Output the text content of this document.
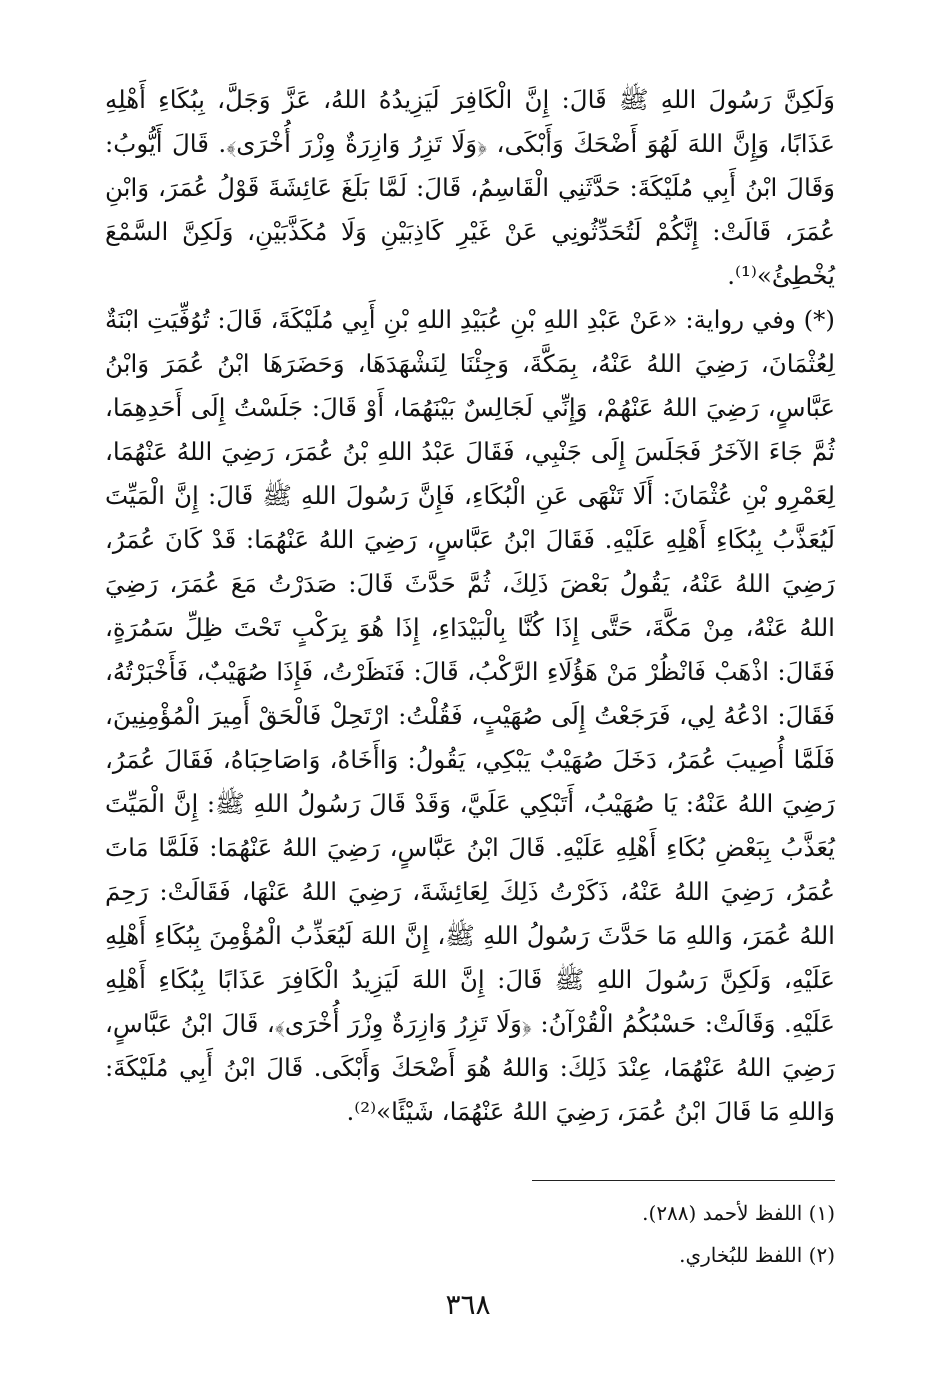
وَلَكِنَّ رَسُولَ اللهِ ﷺ قَالَ: إِنَّ الْكَافِرَ لَيَزِيدُهُ اللهُ، عَزَّ وَجَلَّ، بِبُكَاءِ أَهْلِهِ عَذَابًا، وَإِنَّ اللهَ لَهُوَ أَضْحَكَ وَأَبْكَى، ﴿وَلَا تَزِرُ وَازِرَةٌ وِزْرَ أُخْرَى﴾. قَالَ أَيُّوبُ: وَقَالَ ابْنُ أَبِي مُلَيْكَةَ: حَدَّثَنِي الْقَاسِمُ، قَالَ: لَمَّا بَلَغَ عَائِشَةَ قَوْلُ عُمَرَ، وَابْنِ عُمَرَ، قَالَتْ: إِنَّكُمْ لَتُحَدِّثُونِي عَنْ غَيْرِ كَاذِبَيْنِ وَلَا مُكَذَّبَيْنِ، وَلَكِنَّ السَّمْعَ يُخْطِئُ»⁽¹⁾.

(*) وفي رواية: «عَنْ عَبْدِ اللهِ بْنِ عُبَيْدِ اللهِ بْنِ أَبِي مُلَيْكَةَ، قَالَ: تُوُفِّيَتِ ابْنَةٌ لِعُثْمَانَ، رَضِيَ اللهُ عَنْهُ، بِمَكَّةَ، وَجِئْنَا لِنَشْهَدَهَا، وَحَضَرَهَا ابْنُ عُمَرَ وَابْنُ عَبَّاسٍ، رَضِيَ اللهُ عَنْهُمْ، وَإِنِّي لَجَالِسٌ بَيْنَهُمَا، أَوْ قَالَ: جَلَسْتُ إِلَى أَحَدِهِمَا، ثُمَّ جَاءَ الآخَرُ فَجَلَسَ إِلَى جَنْبِي، فَقَالَ عَبْدُ اللهِ بْنُ عُمَرَ، رَضِيَ اللهُ عَنْهُمَا، لِعَمْرِو بْنِ عُثْمَانَ: أَلَا تَنْهَى عَنِ الْبُكَاءِ، فَإِنَّ رَسُولَ اللهِ ﷺ قَالَ: إِنَّ الْمَيِّتَ لَيُعَذَّبُ بِبُكَاءِ أَهْلِهِ عَلَيْهِ. فَقَالَ ابْنُ عَبَّاسٍ، رَضِيَ اللهُ عَنْهُمَا: قَدْ كَانَ عُمَرُ، رَضِيَ اللهُ عَنْهُ، يَقُولُ بَعْضَ ذَلِكَ، ثُمَّ حَدَّثَ قَالَ: صَدَرْتُ مَعَ عُمَرَ، رَضِيَ اللهُ عَنْهُ، مِنْ مَكَّةَ، حَتَّى إِذَا كُنَّا بِالْبَيْدَاءِ، إِذَا هُوَ بِرَكْبٍ تَحْتَ ظِلِّ سَمُرَةٍ، فَقَالَ: اذْهَبْ فَانْظُرْ مَنْ هَؤُلَاءِ الرَّكْبُ، قَالَ: فَنَظَرْتُ، فَإِذَا صُهَيْبٌ، فَأَخْبَرْتُهُ، فَقَالَ: ادْعُهُ لِي، فَرَجَعْتُ إِلَى صُهَيْبٍ، فَقُلْتُ: ارْتَحِلْ فَالْحَقْ أَمِيرَ الْمُؤْمِنِينَ، فَلَمَّا أُصِيبَ عُمَرُ، دَخَلَ صُهَيْبٌ يَبْكِي، يَقُولُ: وَاأَخَاهُ، وَاصَاحِبَاهُ، فَقَالَ عُمَرُ، رَضِيَ اللهُ عَنْهُ: يَا صُهَيْبُ، أَتَبْكِي عَلَيَّ، وَقَدْ قَالَ رَسُولُ اللهِ ﷺ: إِنَّ الْمَيِّتَ يُعَذَّبُ بِبَعْضِ بُكَاءِ أَهْلِهِ عَلَيْهِ. قَالَ ابْنُ عَبَّاسٍ، رَضِيَ اللهُ عَنْهُمَا: فَلَمَّا مَاتَ عُمَرُ، رَضِيَ اللهُ عَنْهُ، ذَكَرْتُ ذَلِكَ لِعَائِشَةَ، رَضِيَ اللهُ عَنْهَا، فَقَالَتْ: رَحِمَ اللهُ عُمَرَ، وَاللهِ مَا حَدَّثَ رَسُولُ اللهِ ﷺ، إِنَّ اللهَ لَيُعَذِّبُ الْمُؤْمِنَ بِبُكَاءِ أَهْلِهِ عَلَيْهِ، وَلَكِنَّ رَسُولَ اللهِ ﷺ قَالَ: إِنَّ اللهَ لَيَزِيدُ الْكَافِرَ عَذَابًا بِبُكَاءِ أَهْلِهِ عَلَيْهِ. وَقَالَتْ: حَسْبُكُمُ الْقُرْآنُ: ﴿وَلَا تَزِرُ وَازِرَةٌ وِزْرَ أُخْرَى﴾، قَالَ ابْنُ عَبَّاسٍ، رَضِيَ اللهُ عَنْهُمَا، عِنْدَ ذَلِكَ: وَاللهُ هُوَ أَضْحَكَ وَأَبْكَى. قَالَ ابْنُ أَبِي مُلَيْكَةَ: وَاللهِ مَا قَالَ ابْنُ عُمَرَ، رَضِيَ اللهُ عَنْهُمَا، شَيْئًا»⁽²⁾.

(١) اللفظ لأحمد (٢٨٨).

(٢) اللفظ للبُخاري.

٣٦٨
